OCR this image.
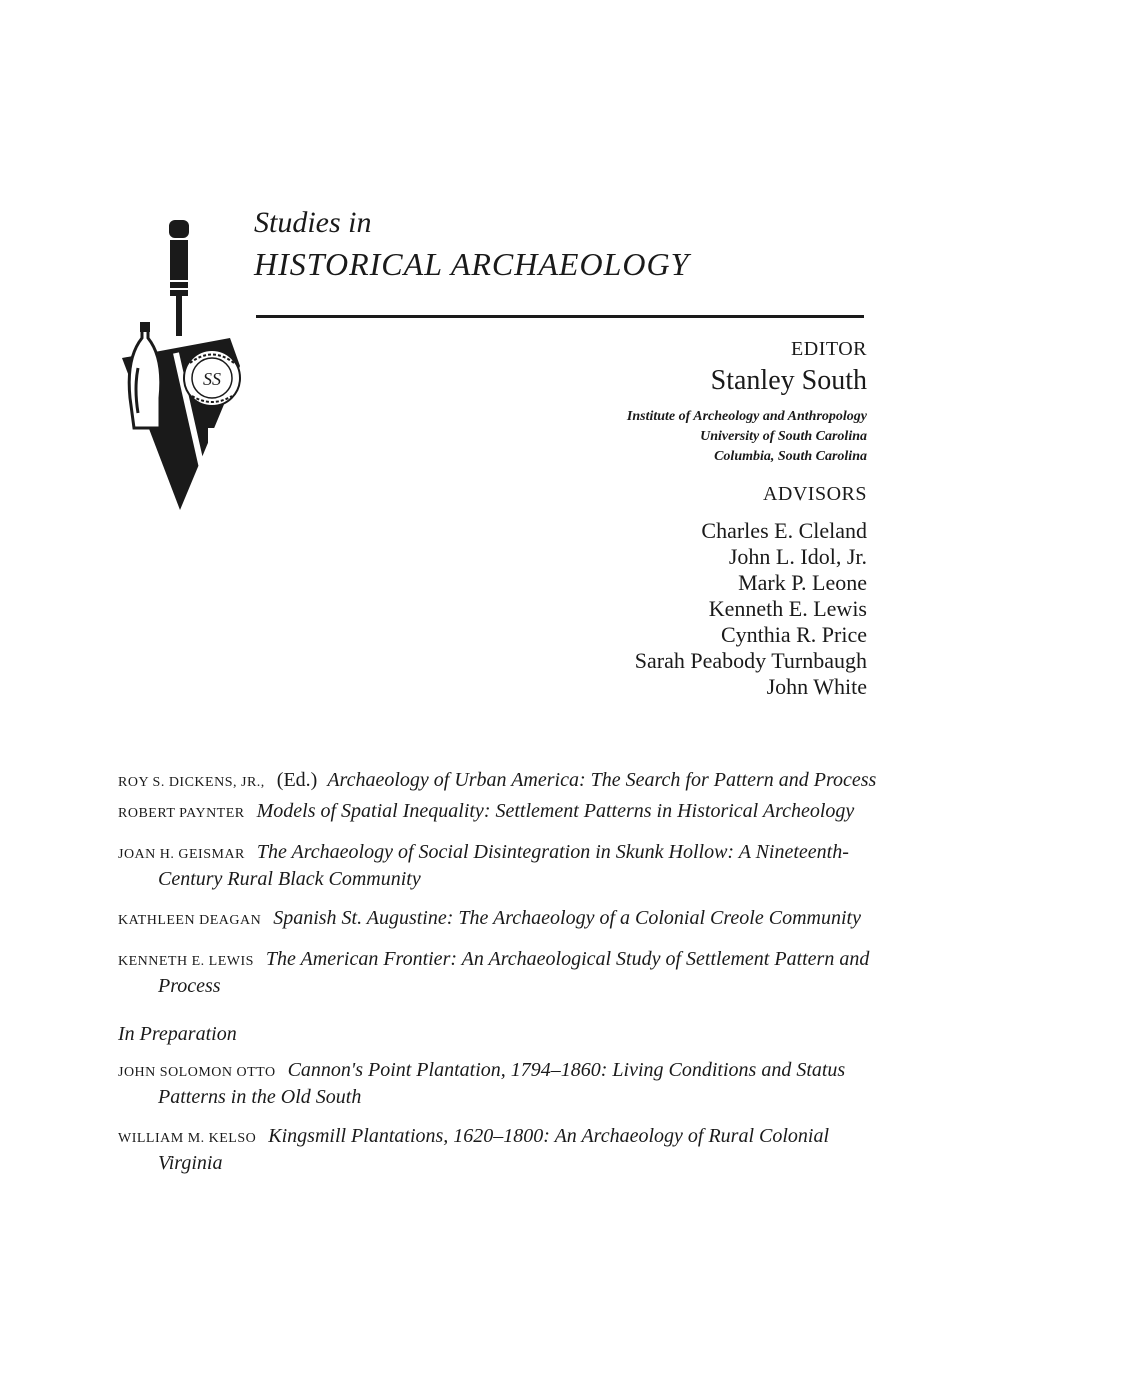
SS
Studies in
HISTORICAL ARCHAEOLOGY
EDITOR
Stanley South
Institute of Archeology and Anthropology
University of South Carolina
Columbia, South Carolina
ADVISORS
Charles E. Cleland
John L. Idol, Jr.
Mark P. Leone
Kenneth E. Lewis
Cynthia R. Price
Sarah Peabody Turnbaugh
John White
ROY S. DICKENS, JR., (Ed.) Archaeology of Urban America: The Search for Pattern and Process
ROBERT PAYNTER Models of Spatial Inequality: Settlement Patterns in Historical Archeology
JOAN H. GEISMAR The Archaeology of Social Disintegration in Skunk Hollow: A Nineteenth-Century Rural Black Community
KATHLEEN DEAGAN Spanish St. Augustine: The Archaeology of a Colonial Creole Community
KENNETH E. LEWIS The American Frontier: An Archaeological Study of Settlement Pattern and Process
In Preparation
JOHN SOLOMON OTTO Cannon's Point Plantation, 1794–1860: Living Conditions and Status Patterns in the Old South
WILLIAM M. KELSO Kingsmill Plantations, 1620–1800: An Archaeology of Rural Colonial Virginia
